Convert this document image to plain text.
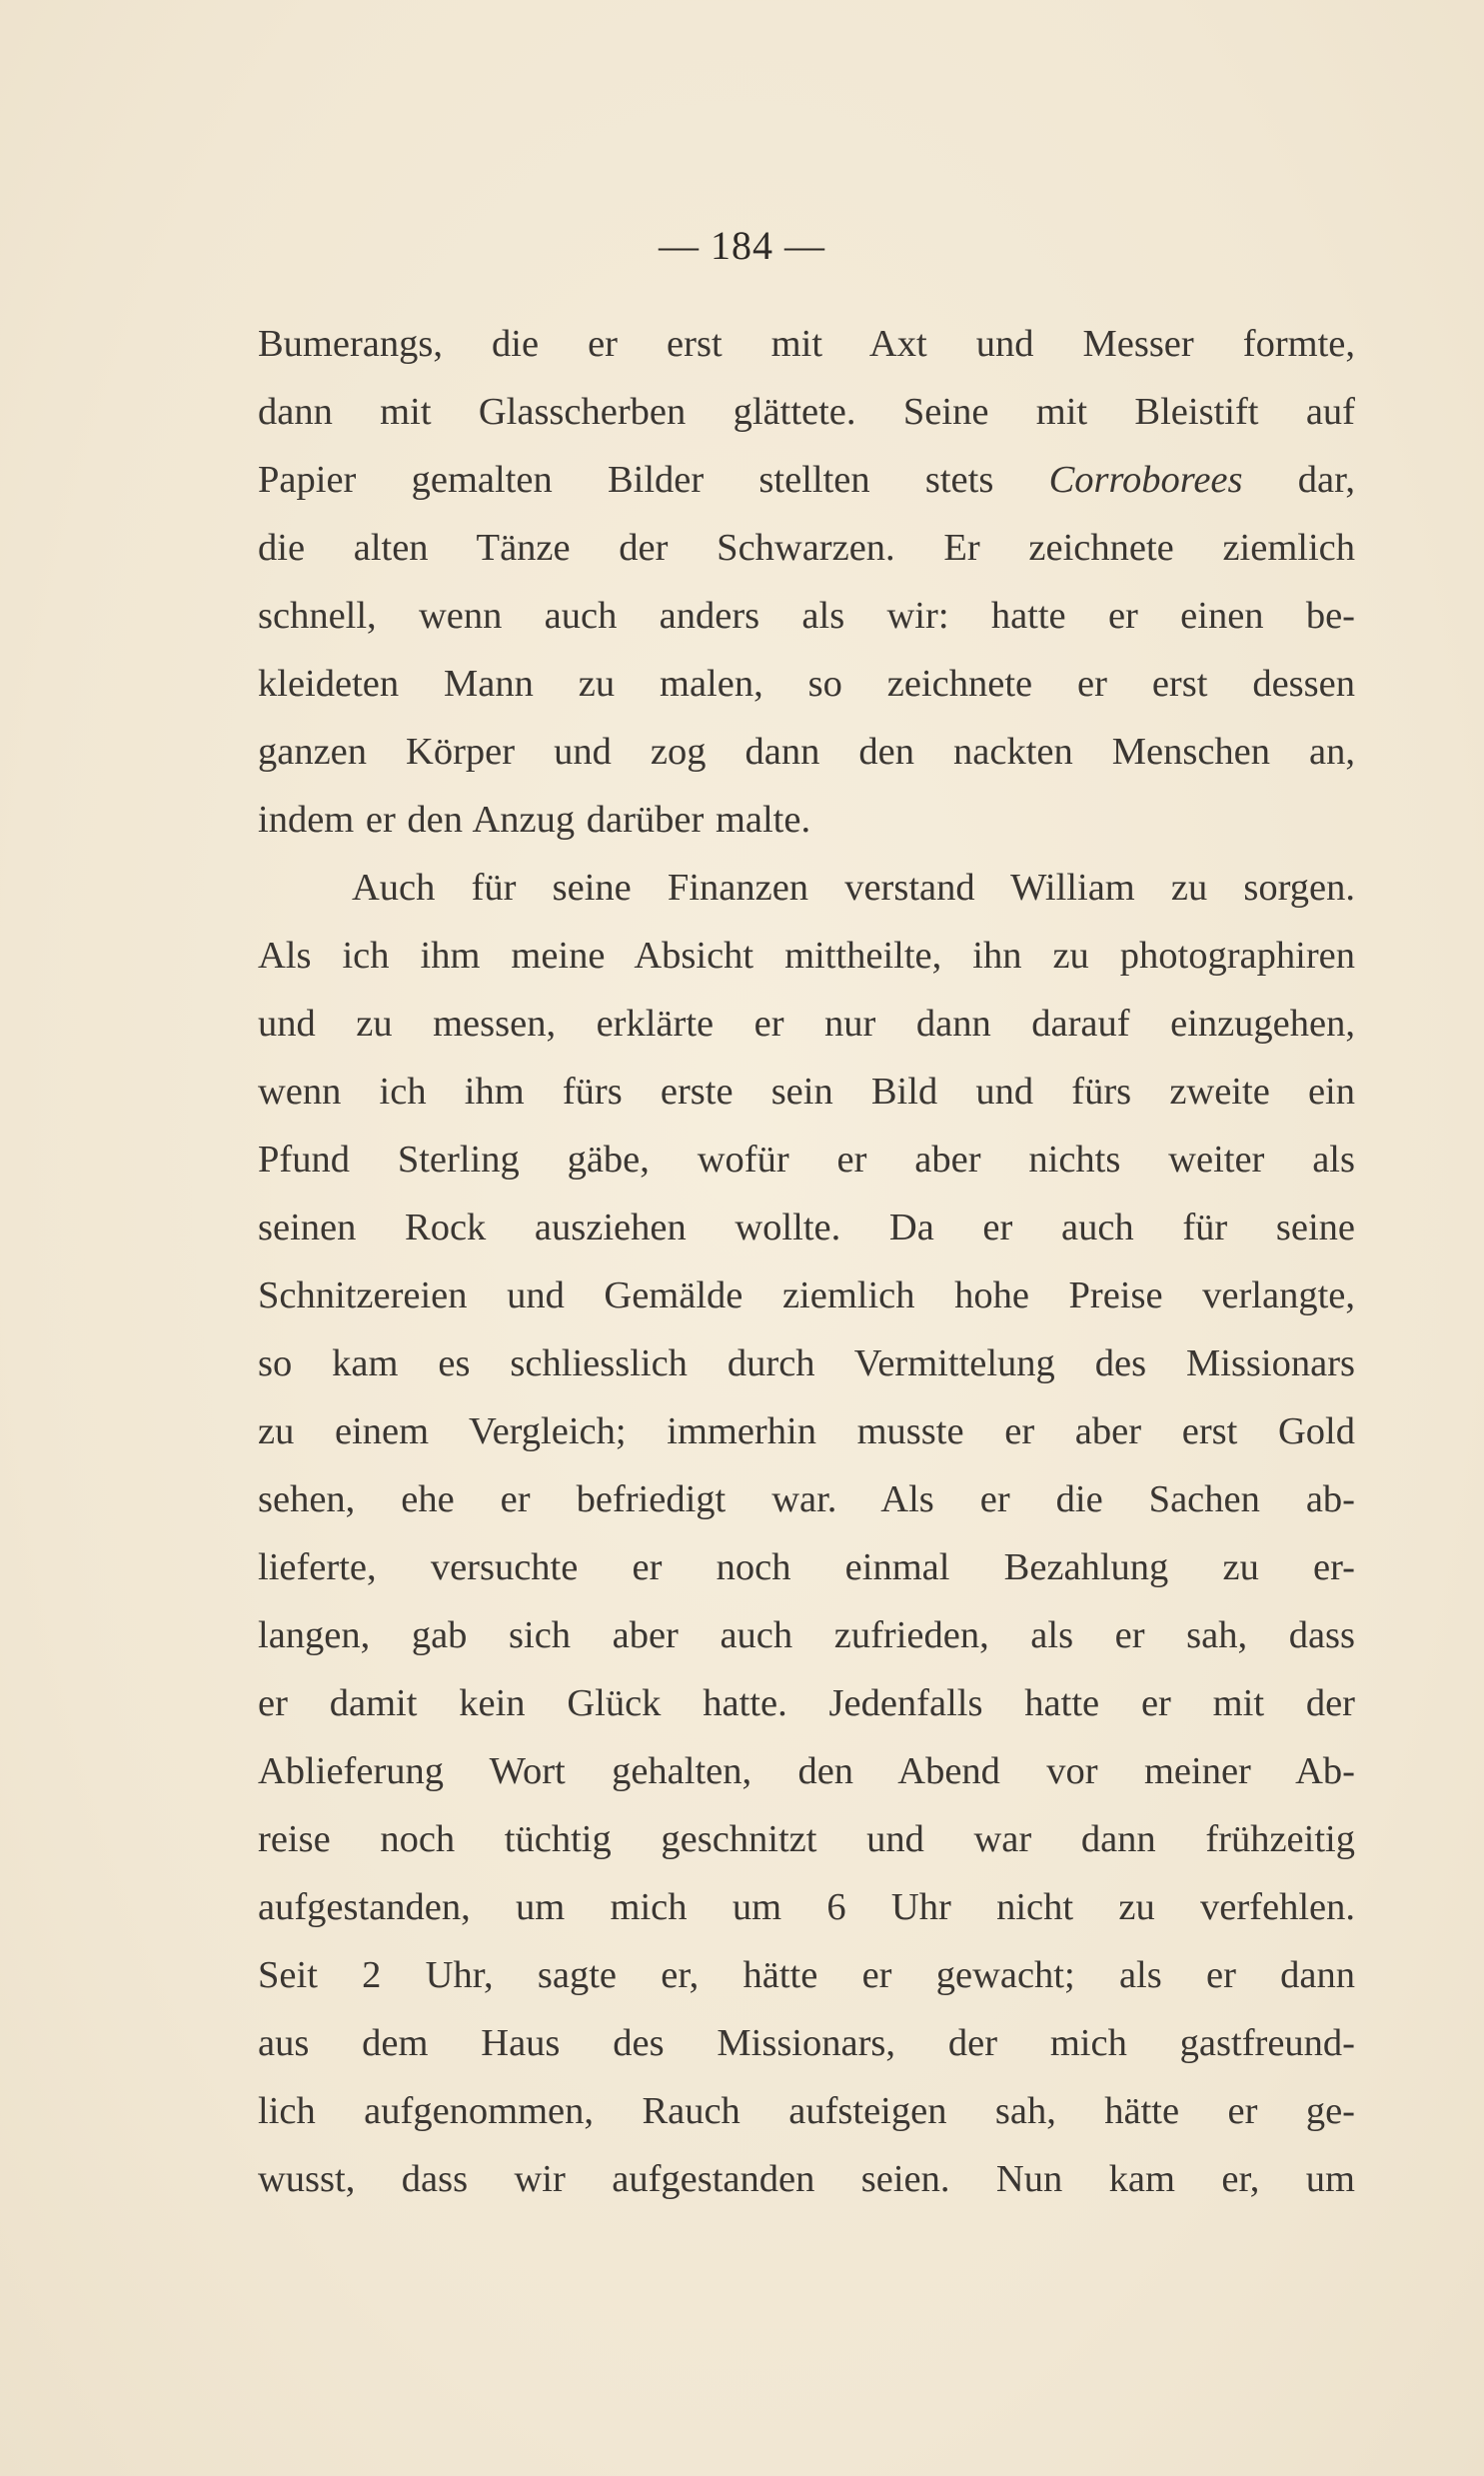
— 184 —
Bumerangs, die er erst mit Axt und Messer formte,
dann mit Glasscherben glättete. Seine mit Bleistift auf
Papier gemalten Bilder stellten stets Corroborees dar,
die alten Tänze der Schwarzen. Er zeichnete ziemlich
schnell, wenn auch anders als wir: hatte er einen be-
kleideten Mann zu malen, so zeichnete er erst dessen
ganzen Körper und zog dann den nackten Menschen an,
indem er den Anzug darüber malte.
Auch für seine Finanzen verstand William zu sorgen.
Als ich ihm meine Absicht mittheilte, ihn zu photographiren
und zu messen, erklärte er nur dann darauf einzugehen,
wenn ich ihm fürs erste sein Bild und fürs zweite ein
Pfund Sterling gäbe, wofür er aber nichts weiter als
seinen Rock ausziehen wollte. Da er auch für seine
Schnitzereien und Gemälde ziemlich hohe Preise verlangte,
so kam es schliesslich durch Vermittelung des Missionars
zu einem Vergleich; immerhin musste er aber erst Gold
sehen, ehe er befriedigt war. Als er die Sachen ab-
lieferte, versuchte er noch einmal Bezahlung zu er-
langen, gab sich aber auch zufrieden, als er sah, dass
er damit kein Glück hatte. Jedenfalls hatte er mit der
Ablieferung Wort gehalten, den Abend vor meiner Ab-
reise noch tüchtig geschnitzt und war dann frühzeitig
aufgestanden, um mich um 6 Uhr nicht zu verfehlen.
Seit 2 Uhr, sagte er, hätte er gewacht; als er dann
aus dem Haus des Missionars, der mich gastfreund-
lich aufgenommen, Rauch aufsteigen sah, hätte er ge-
wusst, dass wir aufgestanden seien. Nun kam er, um
